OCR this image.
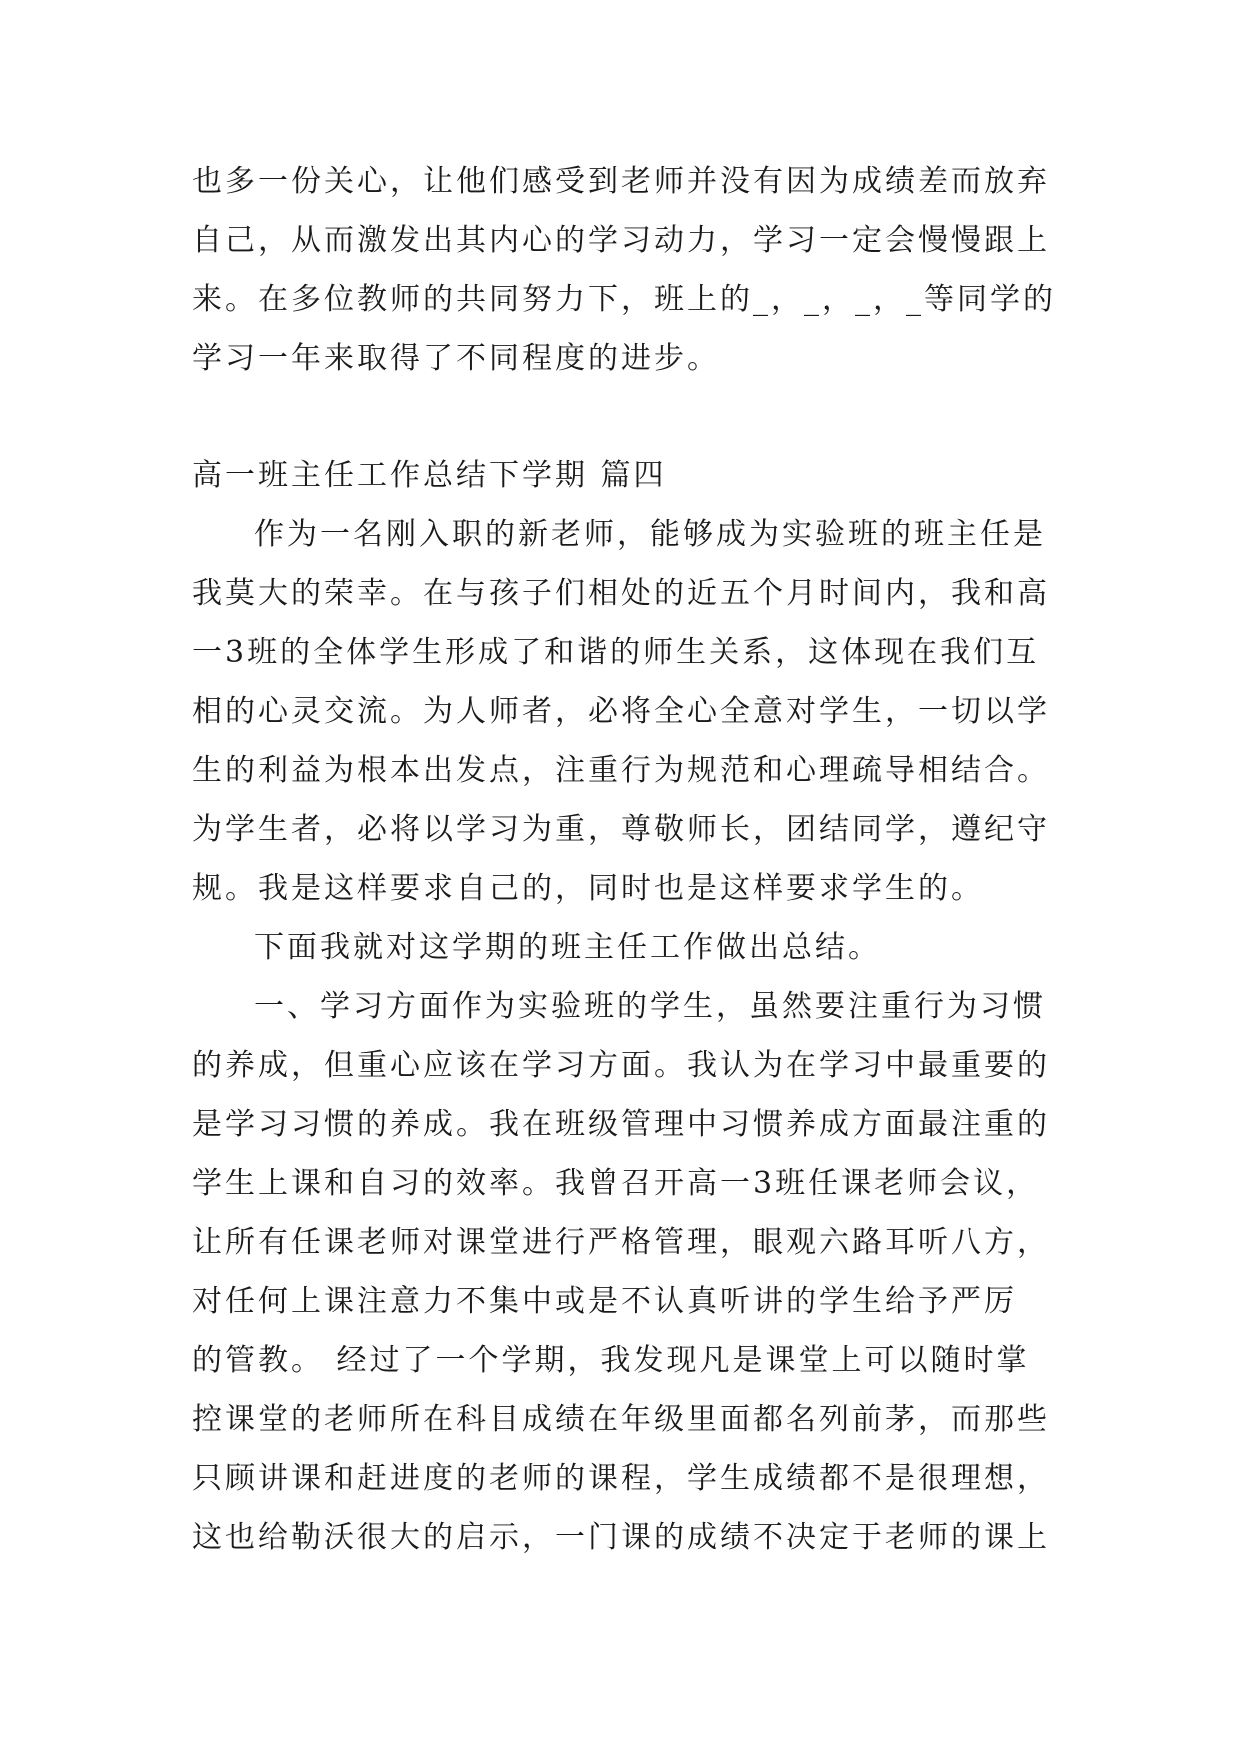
也多一份关心，让他们感受到老师并没有因为成绩差而放弃
自己，从而激发出其内心的学习动力，学习一定会慢慢跟上
来。在多位教师的共同努力下，班上的_，_，_，_等同学的
学习一年来取得了不同程度的进步。
高一班主任工作总结下学期 篇四
作为一名刚入职的新老师，能够成为实验班的班主任是
我莫大的荣幸。在与孩子们相处的近五个月时间内，我和高
一3班的全体学生形成了和谐的师生关系，这体现在我们互
相的心灵交流。为人师者，必将全心全意对学生，一切以学
生的利益为根本出发点，注重行为规范和心理疏导相结合。
为学生者，必将以学习为重，尊敬师长，团结同学，遵纪守
规。我是这样要求自己的，同时也是这样要求学生的。
下面我就对这学期的班主任工作做出总结。
一、学习方面作为实验班的学生，虽然要注重行为习惯
的养成，但重心应该在学习方面。我认为在学习中最重要的
是学习习惯的养成。我在班级管理中习惯养成方面最注重的
学生上课和自习的效率。我曾召开高一3班任课老师会议，
让所有任课老师对课堂进行严格管理，眼观六路耳听八方，
对任何上课注意力不集中或是不认真听讲的学生给予严厉
的管教。 经过了一个学期，我发现凡是课堂上可以随时掌
控课堂的老师所在科目成绩在年级里面都名列前茅，而那些
只顾讲课和赶进度的老师的课程，学生成绩都不是很理想，
这也给勒沃很大的启示，一门课的成绩不决定于老师的课上
